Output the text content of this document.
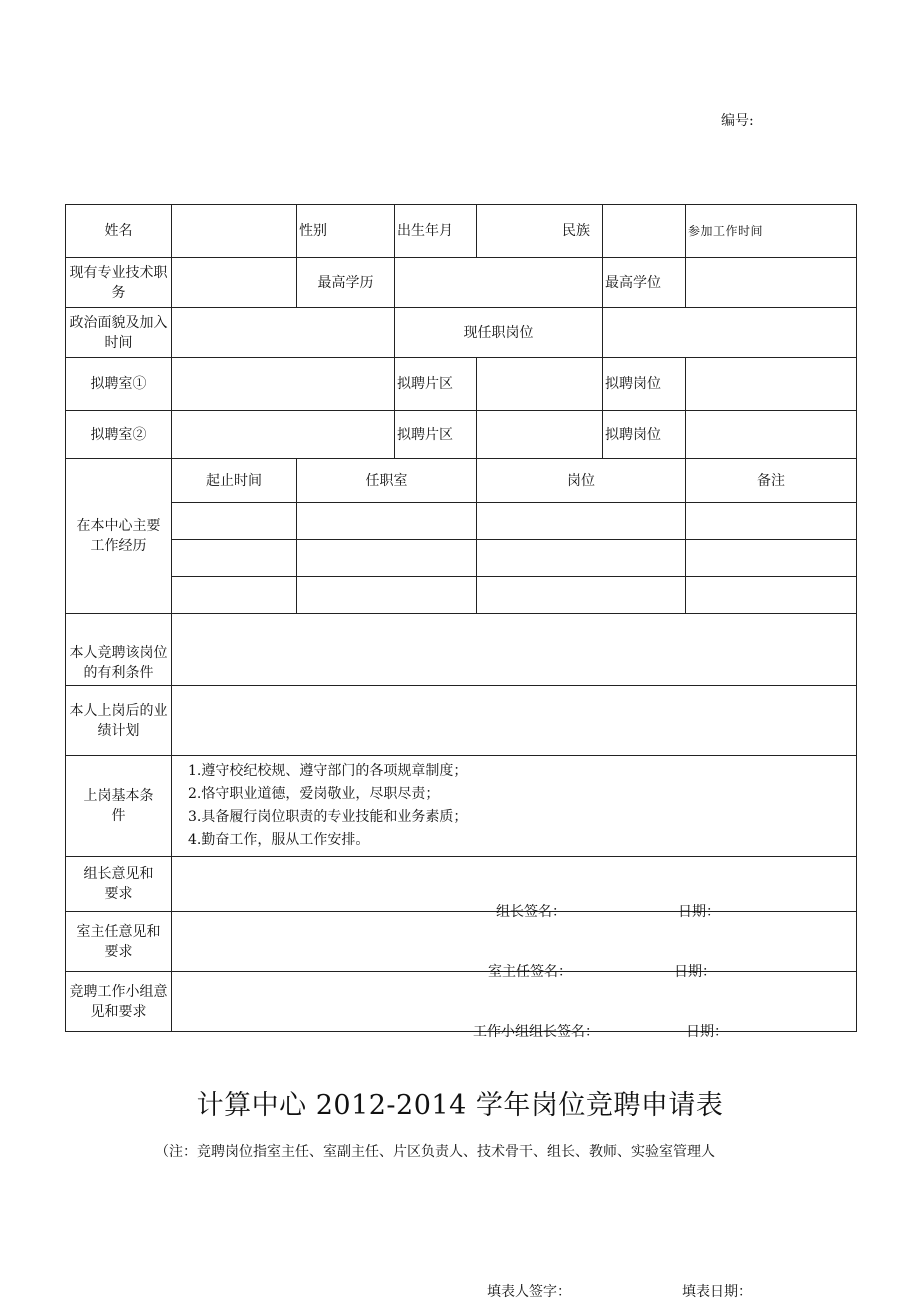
编号:
姓名		性别	出生年月	民族		参加工作时间
现有专业技术职务		最高学历			最高学位	
政治面貌及加入时间			现任职岗位			
拟聘室①			拟聘片区		拟聘岗位	
拟聘室②			拟聘片区		拟聘岗位	
在本中心主要工作经历	起止时间	任职室		岗位		备注

本人竞聘该岗位的有利条件						
本人上岗后的业绩计划						
上岗基本条件	1.遵守校纪校规、遵守部门的各项规章制度；
2.恪守职业道德，爱岗敬业，尽职尽责；
3.具备履行岗位职责的专业技能和业务素质；
4.勤奋工作，服从工作安排。					

组长意见和要求	组长签名： 日期：					

室主任意见和要求	室主任签名： 日期：					

竞聘工作小组意见和要求	工作小组组长签名： 日期：					
计算中心 2012-2014 学年岗位竞聘申请表
（注：竞聘岗位指室主任、室副主任、片区负责人、技术骨干、组长、教师、实验室管理人
填表人签字：	填表日期：
